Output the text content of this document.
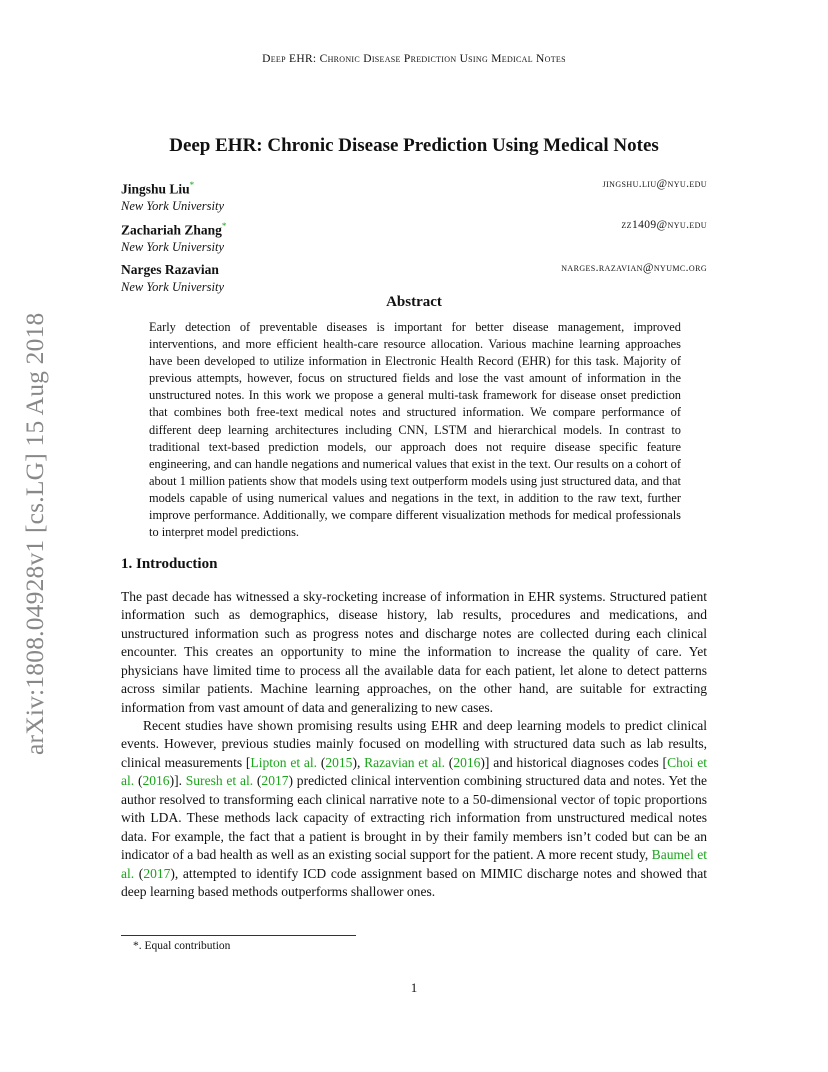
Deep EHR: Chronic Disease Prediction Using Medical Notes
arXiv:1808.04928v1 [cs.LG] 15 Aug 2018
Deep EHR: Chronic Disease Prediction Using Medical Notes
Jingshu Liu*
New York University
jingshu.liu@nyu.edu
Zachariah Zhang*
New York University
zz1409@nyu.edu
Narges Razavian
New York University
narges.razavian@nyumc.org
Abstract
Early detection of preventable diseases is important for better disease management, improved interventions, and more efficient health-care resource allocation. Various machine learning approaches have been developed to utilize information in Electronic Health Record (EHR) for this task. Majority of previous attempts, however, focus on structured fields and lose the vast amount of information in the unstructured notes. In this work we propose a general multi-task framework for disease onset prediction that combines both free-text medical notes and structured information. We compare performance of different deep learning architectures including CNN, LSTM and hierarchical models. In contrast to traditional text-based prediction models, our approach does not require disease specific feature engineering, and can handle negations and numerical values that exist in the text. Our results on a cohort of about 1 million patients show that models using text outperform models using just structured data, and that models capable of using numerical values and negations in the text, in addition to the raw text, further improve performance. Additionally, we compare different visualization methods for medical professionals to interpret model predictions.
1. Introduction

The past decade has witnessed a sky-rocketing increase of information in EHR systems. Structured patient information such as demographics, disease history, lab results, procedures and medications, and unstructured information such as progress notes and discharge notes are collected during each clinical encounter. This creates an opportunity to mine the information to increase the quality of care. Yet physicians have limited time to process all the available data for each patient, let alone to detect patterns across similar patients. Machine learning approaches, on the other hand, are suitable for extracting information from vast amount of data and generalizing to new cases.

Recent studies have shown promising results using EHR and deep learning models to predict clinical events. However, previous studies mainly focused on modelling with structured data such as lab results, clinical measurements [Lipton et al. (2015), Razavian et al. (2016)] and historical diagnoses codes [Choi et al. (2016)]. Suresh et al. (2017) predicted clinical intervention combining structured data and notes. Yet the author resolved to transforming each clinical narrative note to a 50-dimensional vector of topic proportions with LDA. These methods lack capacity of extracting rich information from unstructured medical notes data. For example, the fact that a patient is brought in by their family members isn’t coded but can be an indicator of a bad health as well as an existing social support for the patient. A more recent study, Baumel et al. (2017), attempted to identify ICD code assignment based on MIMIC discharge notes and showed that deep learning based methods outperforms shallower ones.

*. Equal contribution
1
